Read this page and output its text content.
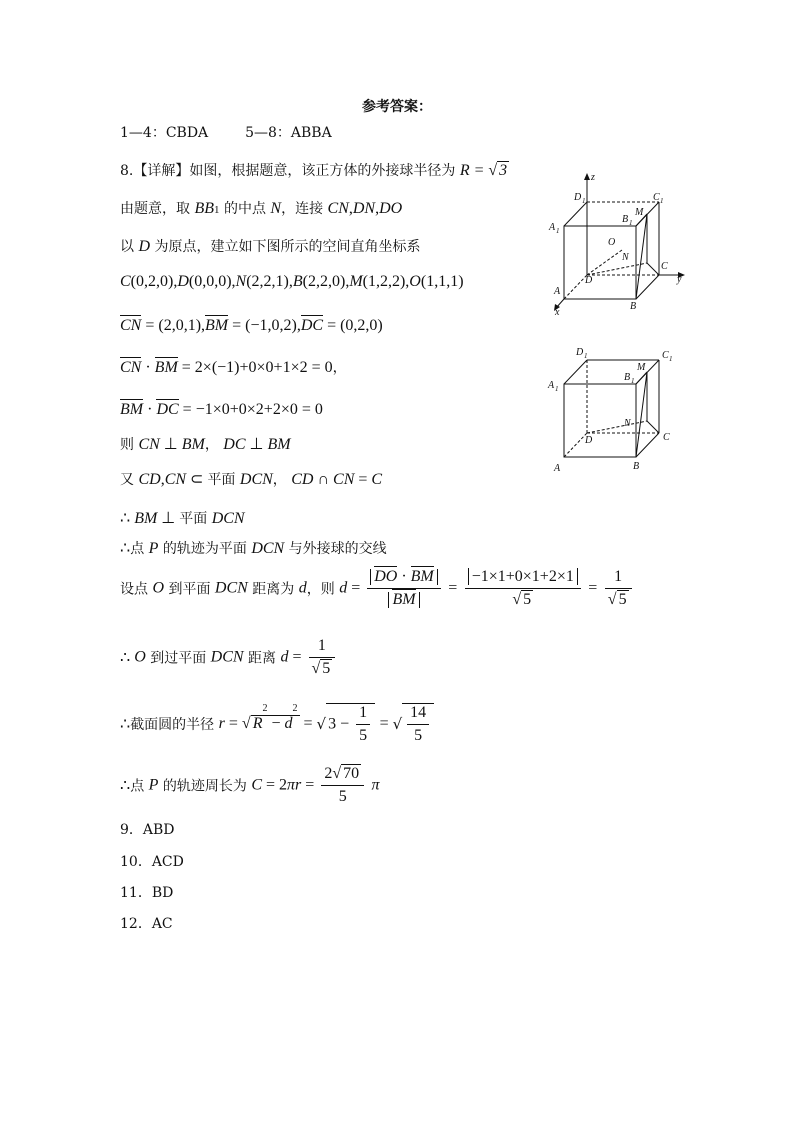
参考答案：
1—4：CBDA	5—8：ABBA
8.【详解】如图，根据题意，该正方体的外接球半径为 R = √ 3
由题意，取 BB1 的中点 N，连接 CN,DN,DO
以 D 为原点，建立如下图所示的空间直角坐标系
C(0,2,0),D(0,0,0),N(2,2,1),B(2,2,0),M(1,2,2),O(1,1,1)
CN = (2,0,1),BM = (−1,0,2),DC = (0,2,0)
CN · BM = 2×(−1)+0×0+1×2 = 0，
BM · DC = −1×0+0×2+2×0 = 0
则 CN ⊥ BM， DC ⊥ BM
又 CD,CN ⊂ 平面 DCN， CD ∩ CN = C
∴ BM ⊥ 平面 DCN
∴点 P 的轨迹为平面 DCN 与外接球的交线
设点 O 到平面 DCN 距离为 d，则 $d = \frac{DO \cdot BM}{BM} = \frac{-1\times 1+0\times 1+2\times 1}{√ 5} = \frac{1}{√ 5}$
∴ O 到过平面 DCN 距离 $d = \frac{1}{√ 5}$
∴截面圆的半径 r = √ $R^2 - d^2$ = √ $3 - \frac{1}{5}$ = √ $\frac{14}{5}$
∴点 P 的轨迹周长为 $C = 2\pi r = \frac{2√ 70}{5}$ π
9．ABD
10．ACD
11．BD
12．AC
z
y
x
D 1	C 1
A 1
B 1
M
O
N
C
D
A
B
D 1	C 1
A 1
B 1
M
N
C
D
A	B
